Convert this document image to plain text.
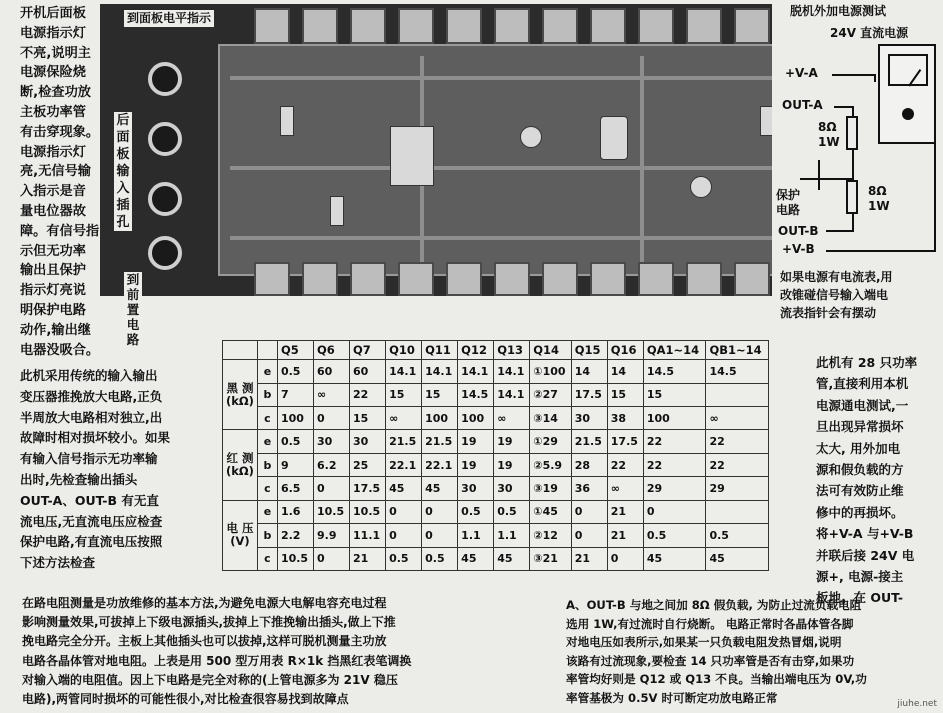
开机后面板
电源指示灯
不亮,说明主
电源保险烧
断,检查功放
主板功率管
有击穿现象。
电源指示灯
亮,无信号输
入指示是音
量电位器故
障。有信号指
示但无功率
输出且保护
指示灯亮说
明保护电路
动作,输出继
电器没吸合。
到面板电平指示
后
面
板
输
入
插
孔
到
前
置
电
路
保护
电路
脱机外加电源测试
24V 直流电源
+V-A
OUT-A
8Ω
1W
8Ω
1W
OUT-B
+V-B
如果电源有电流表,用
改锥碰信号输入端电
流表指针会有摆动
		Q5	Q6	Q7	Q10	Q11	Q12	Q13	Q14	Q15	Q16	QA1~14	QB1~14
黑 测
(kΩ)	e	0.5	60	60	14.1	14.1	14.1	14.1	①100	14	14	14.5	14.5
	b	7	∞	22	15	15	14.5	14.1	②27	17.5	15	15	
	c	100	0	15	∞	100	100	∞	③14	30	38	100	∞
红 测
(kΩ)	e	0.5	30	30	21.5	21.5	19	19	①29	21.5	17.5	22	22
	b	9	6.2	25	22.1	22.1	19	19	②5.9	28	22	22	22
	c	6.5	0	17.5	45	45	30	30	③19	36	∞	29	29
电 压
(V)	e	1.6	10.5	10.5	0	0	0.5	0.5	①45	0	21	0	
	b	2.2	9.9	11.1	0	0	1.1	1.1	②12	0	21	0.5	0.5
	c	10.5	0	21	0.5	0.5	45	45	③21	21	0	45	45
此机采用传统的输入输出
变压器推挽放大电路,正负
半周放大电路相对独立,出
故障时相对损坏较小。如果
有输入信号指示无功率输
出时,先检查输出插头
OUT-A、OUT-B 有无直
流电压,无直流电压应检查
保护电路,有直流电压按照
下述方法检查
此机有 28 只功率
管,直接利用本机
电源通电测试,一
旦出现异常损坏
太大, 用外加电
源和假负载的方
法可有效防止维
修中的再损坏。
将+V-A 与+V-B
并联后接 24V 电
源+, 电源-接主
板地。在 OUT-
在路电阻测量是功放维修的基本方法,为避免电源大电解电容充电过程
影响测量效果,可拔掉上下级电源插头,拔掉上下推挽输出插头,做上下推
挽电路完全分开。主板上其他插头也可以拔掉,这样可脱机测量主功放
电路各晶体管对地电阻。上表是用 500 型万用表 R×1k 挡黑红表笔调换
对输入端的电阻值。因上下电路是完全对称的(上管电源多为 21V 稳压
电路),两管同时损坏的可能性很小,对比检查很容易找到故障点
A、OUT-B 与地之间加 8Ω 假负载, 为防止过流负载电阻
选用 1W,有过流时自行烧断。 电路正常时各晶体管各脚
对地电压如表所示,如果某一只负载电阻发热冒烟,说明
该路有过流现象,要检查 14 只功率管是否有击穿,如果功
率管均好则是 Q12 或 Q13 不良。当输出端电压为 0V,功
率管基极为 0.5V 时可断定功放电路正常	jiuhe.net
